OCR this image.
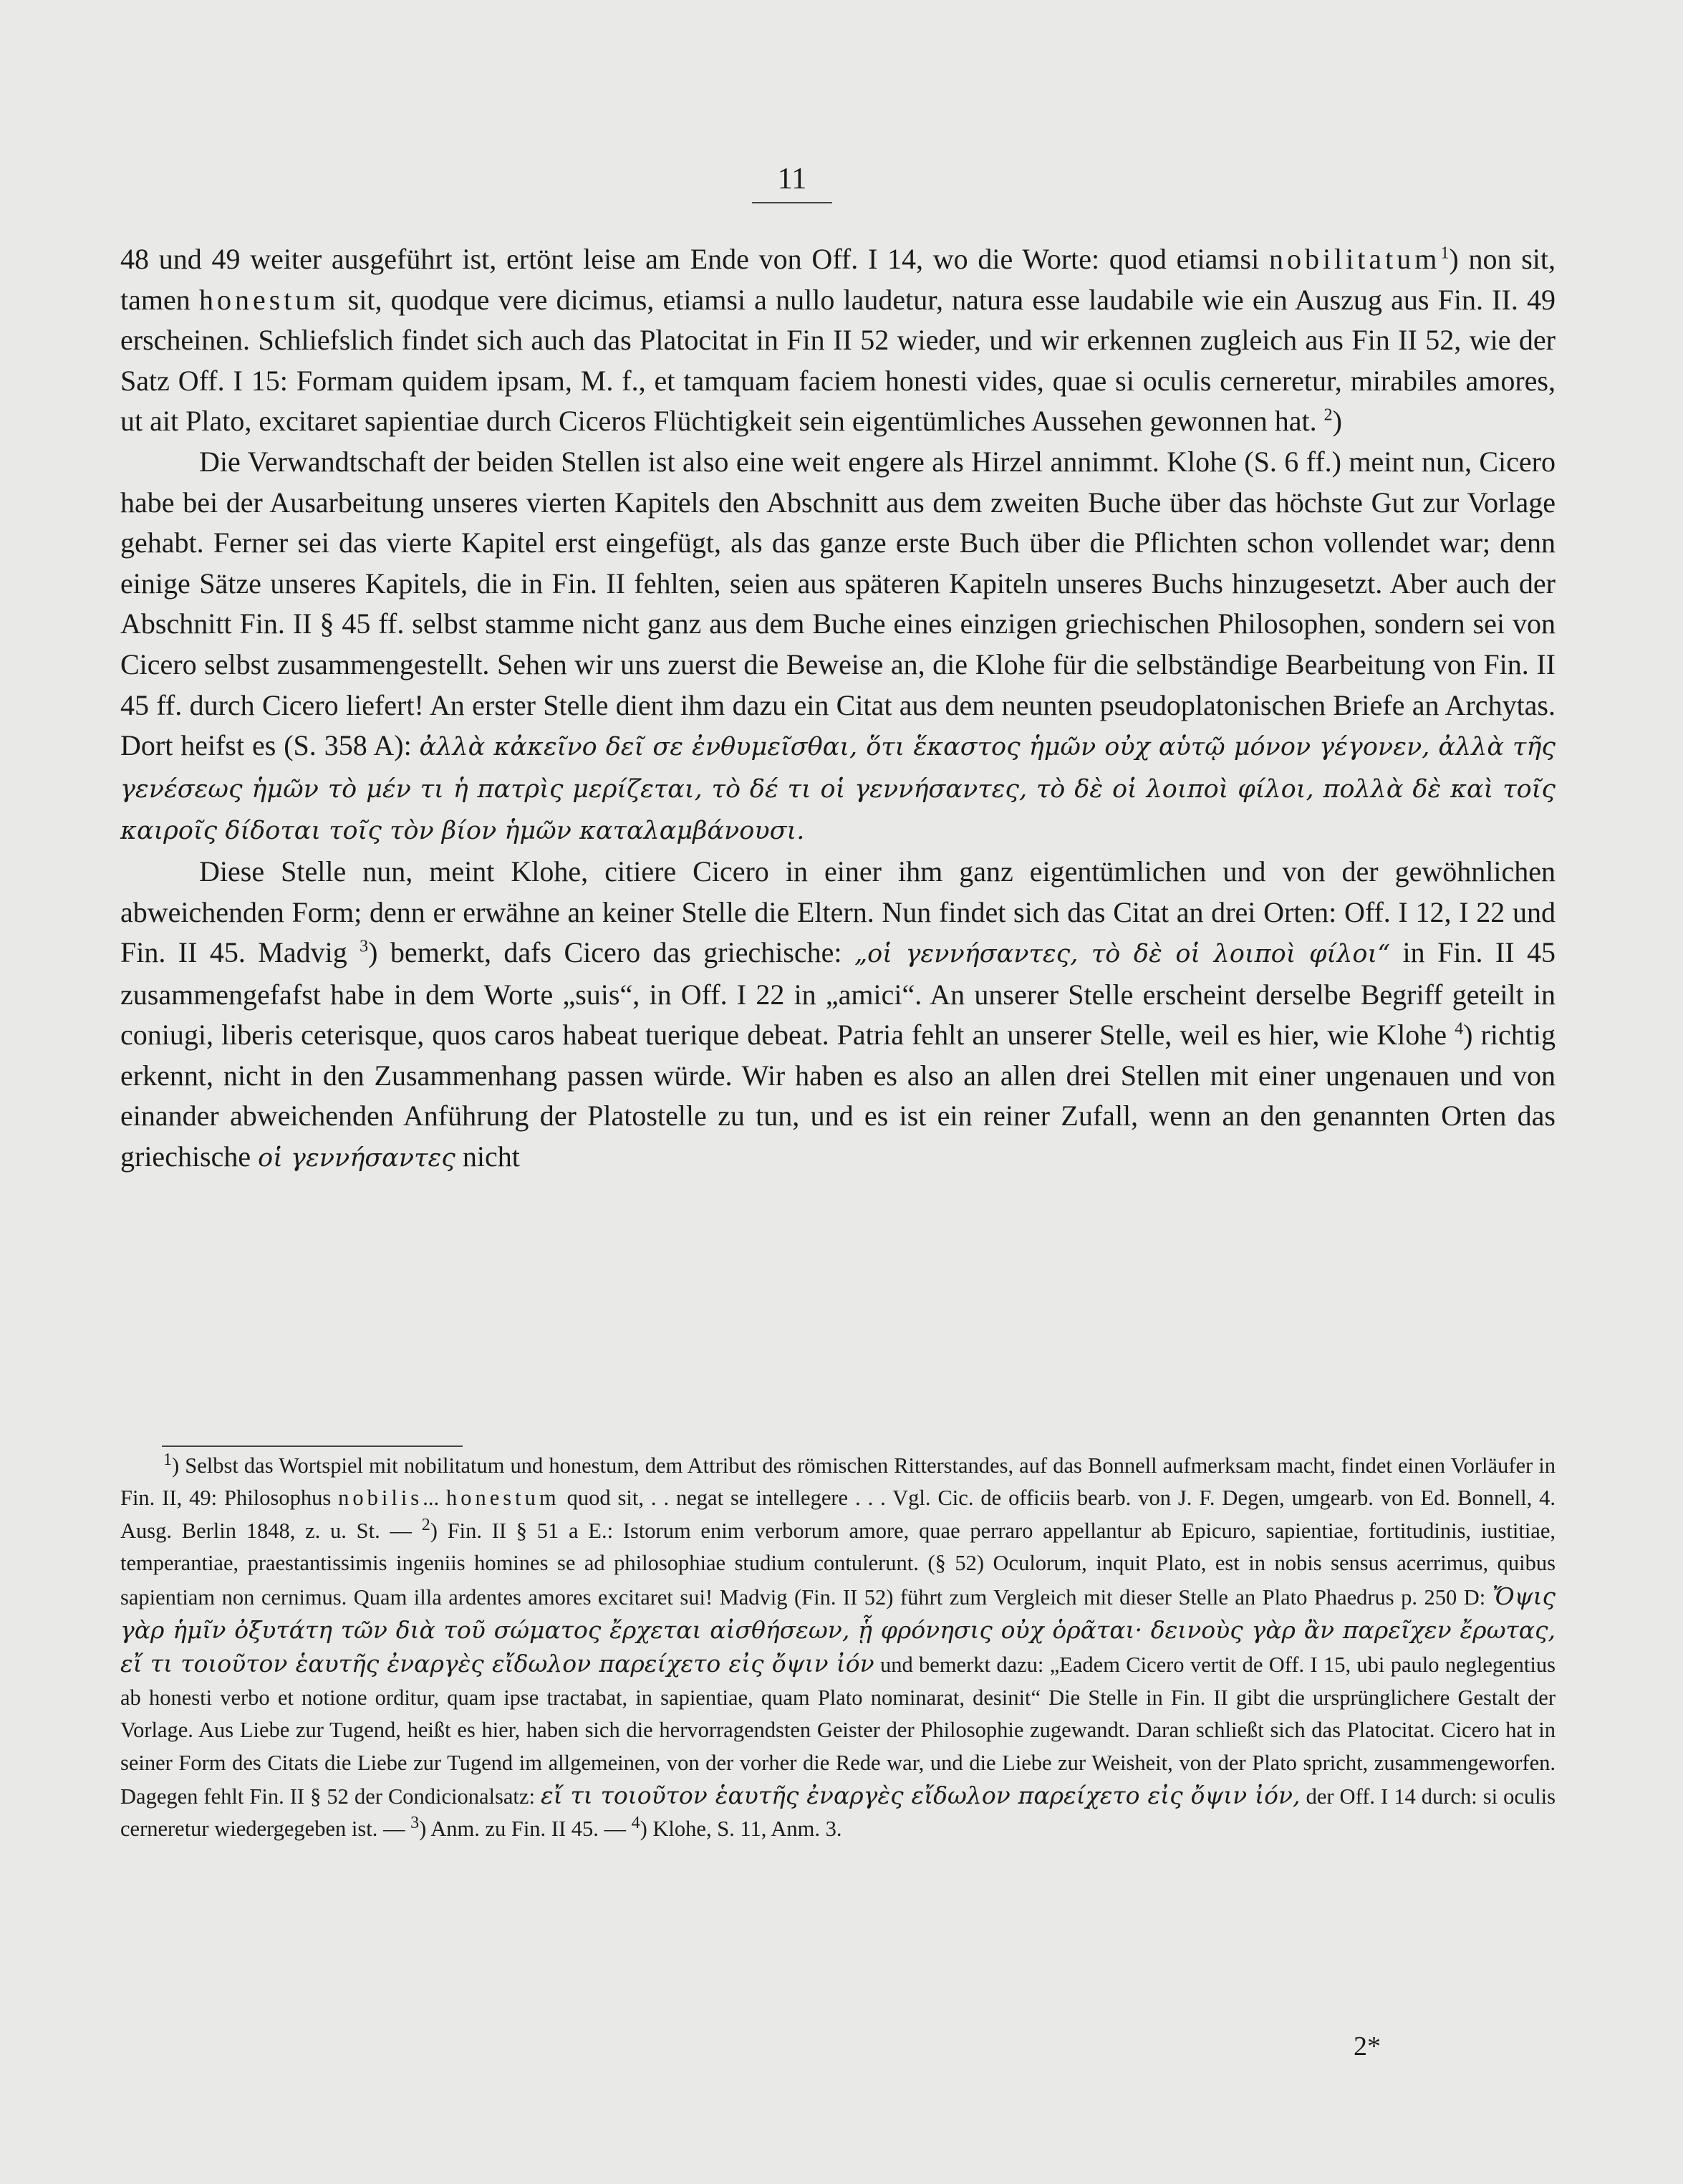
11

48 und 49 weiter ausgeführt ist, ertönt leise am Ende von Off. I 14, wo die Worte: quod etiamsi nobilitatum$^1$) non sit, tamen honestum sit, quodque vere dicimus, etiamsi a nullo laudetur, natura esse laudabile wie ein Auszug aus Fin. II. 49 erscheinen. Schliefslich findet sich auch das Platocitat in Fin II 52 wieder, und wir erkennen zugleich aus Fin II 52, wie der Satz Off. I 15: Formam quidem ipsam, M. f., et tamquam faciem honesti vides, quae si oculis cerneretur, mirabiles amores, ut ait Plato, excitaret sapientiae durch Ciceros Flüchtigkeit sein eigentümliches Aussehen gewonnen hat. $^2$)

Die Verwandtschaft der beiden Stellen ist also eine weit engere als Hirzel annimmt. Klohe (S. 6 ff.) meint nun, Cicero habe bei der Ausarbeitung unseres vierten Kapitels den Abschnitt aus dem zweiten Buche über das höchste Gut zur Vorlage gehabt. Ferner sei das vierte Kapitel erst eingefügt, als das ganze erste Buch über die Pflichten schon vollendet war; denn einige Sätze unseres Kapitels, die in Fin. II fehlten, seien aus späteren Kapiteln unseres Buchs hinzugesetzt. Aber auch der Abschnitt Fin. II § 45 ff. selbst stamme nicht ganz aus dem Buche eines einzigen griechischen Philosophen, sondern sei von Cicero selbst zusammengestellt. Sehen wir uns zuerst die Beweise an, die Klohe für die selbständige Bearbeitung von Fin. II 45 ff. durch Cicero liefert! An erster Stelle dient ihm dazu ein Citat aus dem neunten pseudoplatonischen Briefe an Archytas. Dort heifst es (S. 358 A): ἀλλὰ κἀκεῖνο δεῖ σε ἐνθυμεῖσθαι, ὅτι ἕκαστος ἡμῶν οὐχ αὑτῷ μόνον γέγονεν, ἀλλὰ τῆς γενέσεως ἡμῶν τὸ μέν τι ἡ πατρὶς μερίζεται, τὸ δέ τι οἱ γεννήσαντες, τὸ δὲ οἱ λοιποὶ φίλοι, πολλὰ δὲ καὶ τοῖς καιροῖς δίδοται τοῖς τὸν βίον ἡμῶν καταλαμβάνουσι.

Diese Stelle nun, meint Klohe, citiere Cicero in einer ihm ganz eigentümlichen und von der gewöhnlichen abweichenden Form; denn er erwähne an keiner Stelle die Eltern. Nun findet sich das Citat an drei Orten: Off. I 12, I 22 und Fin. II 45. Madvig $^3$) bemerkt, dafs Cicero das griechische: „οἱ γεννήσαντες, τὸ δὲ οἱ λοιποὶ φίλοι“ in Fin. II 45 zusammengefafst habe in dem Worte „suis“, in Off. I 22 in „amici“. An unserer Stelle erscheint derselbe Begriff geteilt in coniugi, liberis ceterisque, quos caros habeat tuerique debeat. Patria fehlt an unserer Stelle, weil es hier, wie Klohe $^4$) richtig erkennt, nicht in den Zusammenhang passen würde. Wir haben es also an allen drei Stellen mit einer ungenauen und von einander abweichenden Anführung der Platostelle zu tun, und es ist ein reiner Zufall, wenn an den genannten Orten das griechische οἱ γεννήσαντες nicht

$^1$) Selbst das Wortspiel mit nobilitatum und honestum, dem Attribut des römischen Ritterstandes, auf das Bonnell aufmerksam macht, findet einen Vorläufer in Fin. II, 49: Philosophus nobilis... honestum quod sit, . . negat se intellegere . . . Vgl. Cic. de officiis bearb. von J. F. Degen, umgearb. von Ed. Bonnell, 4. Ausg. Berlin 1848, z. u. St. — $^2$) Fin. II § 51 a E.: Istorum enim verborum amore, quae perraro appellantur ab Epicuro, sapientiae, fortitudinis, iustitiae, temperantiae, praestantissimis ingeniis homines se ad philosophiae studium contulerunt. (§ 52) Oculorum, inquit Plato, est in nobis sensus acerrimus, quibus sapientiam non cernimus. Quam illa ardentes amores excitaret sui! Madvig (Fin. II 52) führt zum Vergleich mit dieser Stelle an Plato Phaedrus p. 250 D: Ὄψις γὰρ ἡμῖν ὀξυτάτη τῶν διὰ τοῦ σώματος ἔρχεται αἰσθήσεων, ᾗ φρόνησις οὐχ ὁρᾶται· δεινοὺς γὰρ ἂν παρεῖχεν ἔρωτας, εἴ τι τοιοῦτον ἑαυτῆς ἐναργὲς εἴδωλον παρείχετο εἰς ὄψιν ἰόν und bemerkt dazu: „Eadem Cicero vertit de Off. I 15, ubi paulo neglegentius ab honesti verbo et notione orditur, quam ipse tractabat, in sapientiae, quam Plato nominarat, desinit“ Die Stelle in Fin. II gibt die ursprünglichere Gestalt der Vorlage. Aus Liebe zur Tugend, heißt es hier, haben sich die hervorragendsten Geister der Philosophie zugewandt. Daran schließt sich das Platocitat. Cicero hat in seiner Form des Citats die Liebe zur Tugend im allgemeinen, von der vorher die Rede war, und die Liebe zur Weisheit, von der Plato spricht, zusammengeworfen. Dagegen fehlt Fin. II § 52 der Condicionalsatz: εἴ τι τοιοῦτον ἑαυτῆς ἐναργὲς εἴδωλον παρείχετο εἰς ὄψιν ἰόν, der Off. I 14 durch: si oculis cerneretur wiedergegeben ist. — $^3$) Anm. zu Fin. II 45. — $^4$) Klohe, S. 11, Anm. 3.

2*
